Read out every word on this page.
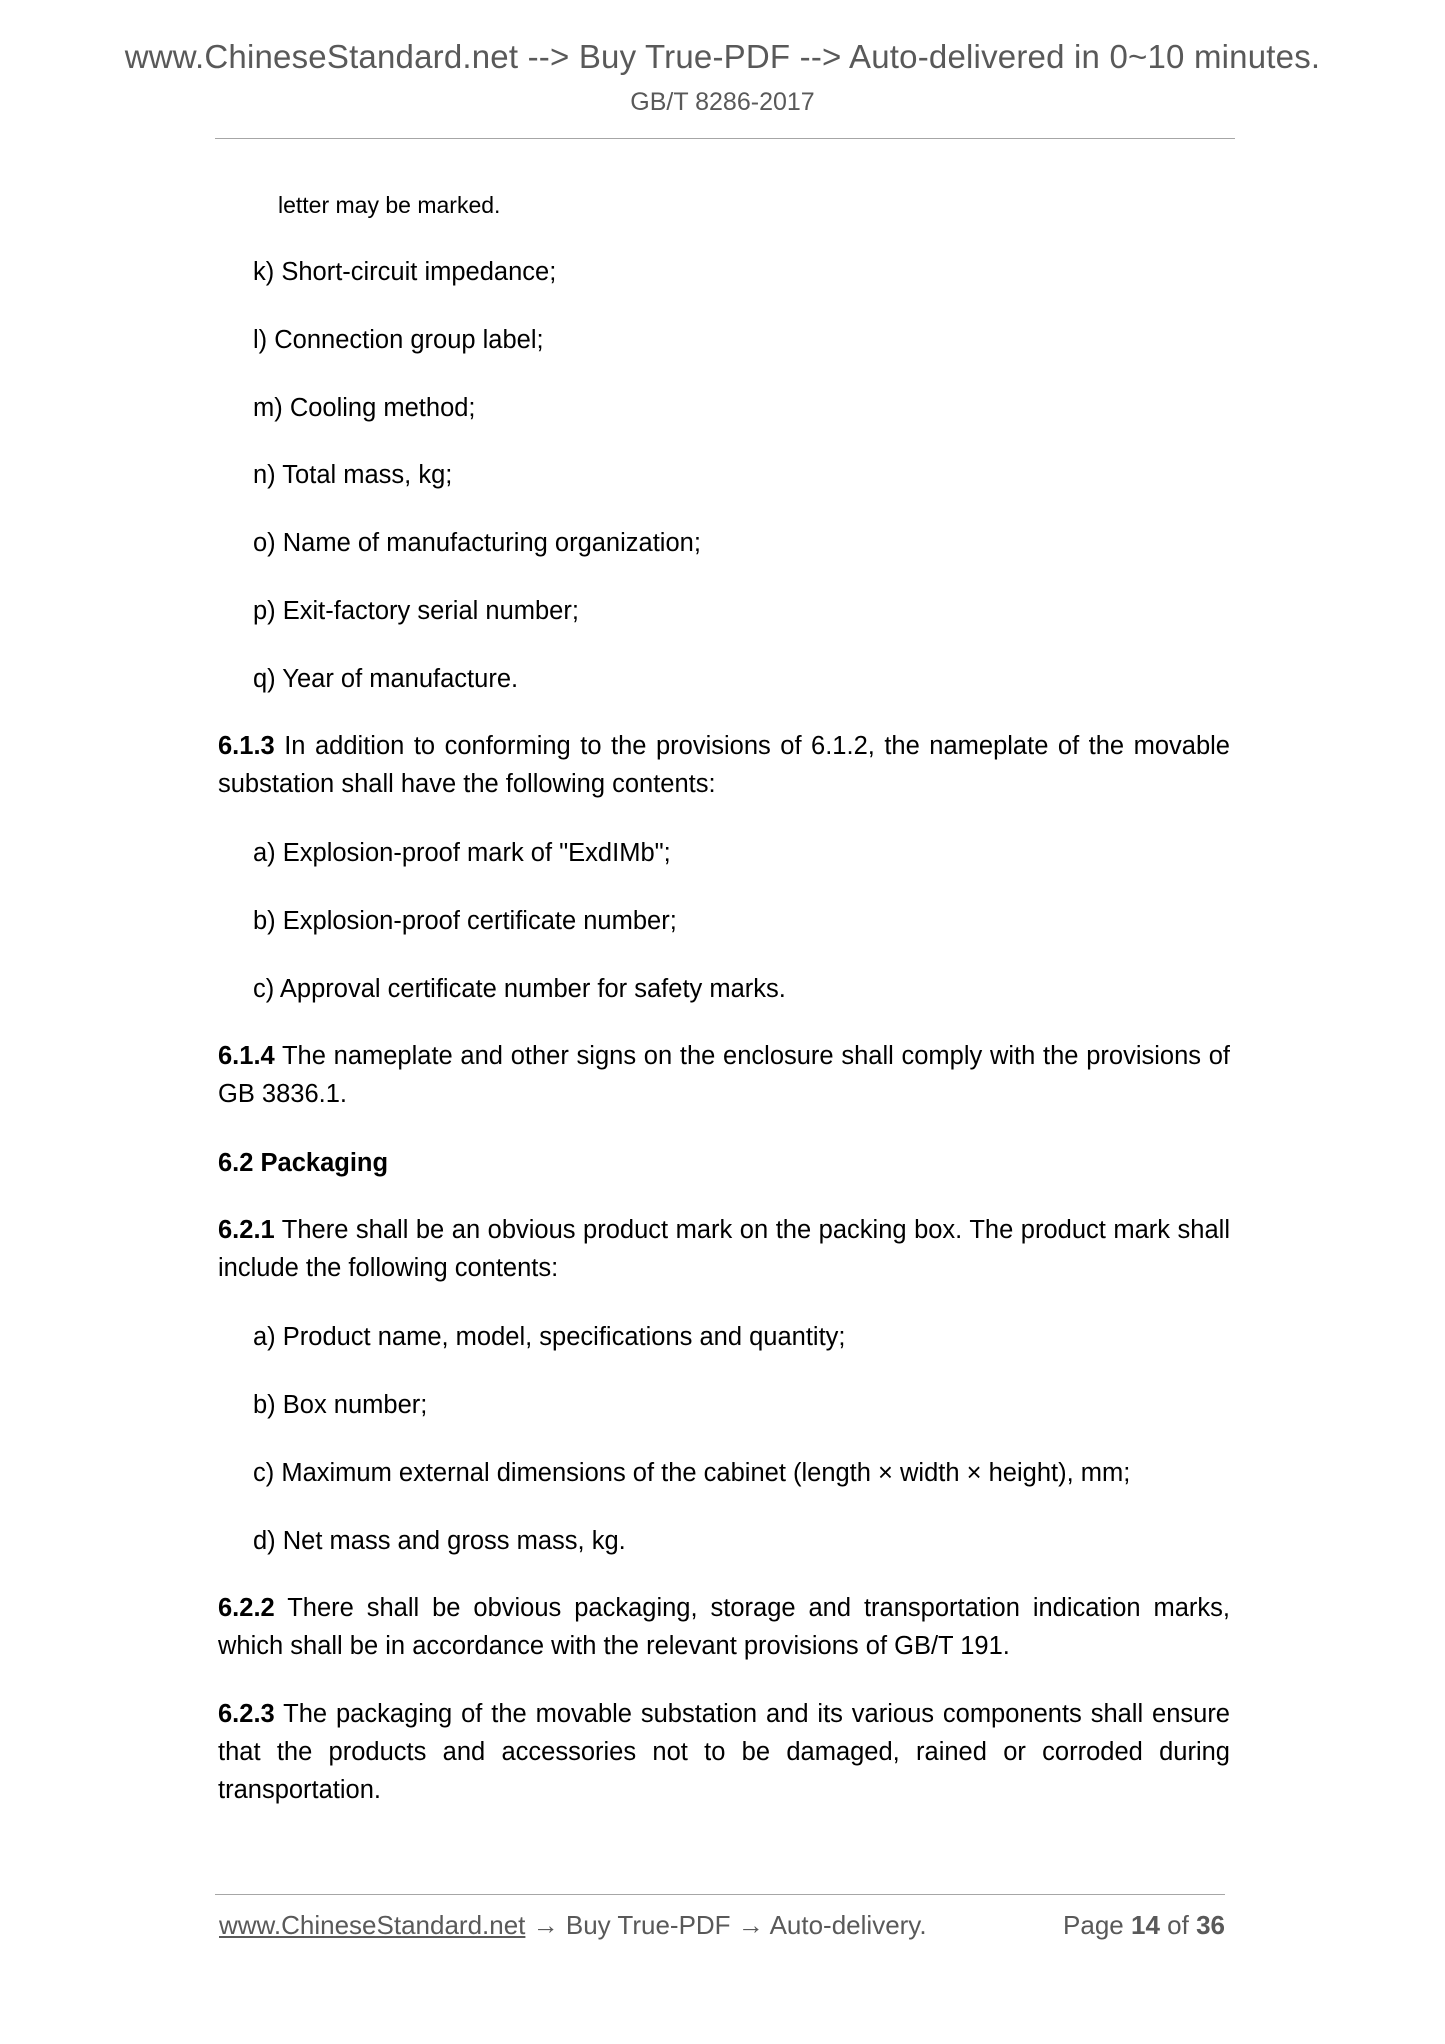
www.ChineseStandard.net --> Buy True-PDF --> Auto-delivered in 0~10 minutes.
GB/T 8286-2017
letter may be marked.
k) Short-circuit impedance;
l) Connection group label;
m) Cooling method;
n) Total mass, kg;
o) Name of manufacturing organization;
p) Exit-factory serial number;
q) Year of manufacture.
6.1.3 In addition to conforming to the provisions of 6.1.2, the nameplate of the movable substation shall have the following contents:
a) Explosion-proof mark of "ExdIMb";
b) Explosion-proof certificate number;
c) Approval certificate number for safety marks.
6.1.4 The nameplate and other signs on the enclosure shall comply with the provisions of GB 3836.1.
6.2 Packaging
6.2.1 There shall be an obvious product mark on the packing box. The product mark shall include the following contents:
a) Product name, model, specifications and quantity;
b) Box number;
c) Maximum external dimensions of the cabinet (length × width × height), mm;
d) Net mass and gross mass, kg.
6.2.2 There shall be obvious packaging, storage and transportation indication marks, which shall be in accordance with the relevant provisions of GB/T 191.
6.2.3 The packaging of the movable substation and its various components shall ensure that the products and accessories not to be damaged, rained or corroded during transportation.
www.ChineseStandard.net → Buy True-PDF → Auto-delivery.	Page 14 of 36
